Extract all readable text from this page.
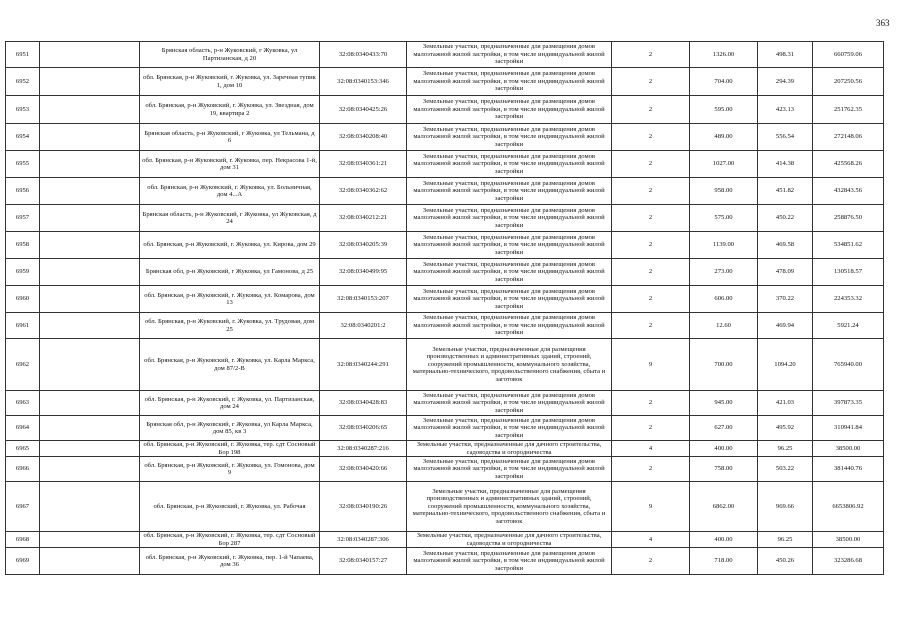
363
6951		Брянская область, р-н Жуковский, г Жуковка, ул Партизанская, д 20	32:08:0340433:70	Земельные участки, предназначенные для размещения домов малоэтажной жилой застройки, в том числе индивидуальной жилой застройки	2	1326.00	498.31	660759.06
6952		обл. Брянская, р-н Жуковский, г. Жуковка, ул. Заречная тупик 1, дом 10	32:08:0340153:346	Земельные участки, предназначенные для размещения домов малоэтажной жилой застройки, в том числе индивидуальной жилой застройки	2	704.00	294.39	207250.56
6953		обл. Брянская, р-н Жуковский, г. Жуковка, ул. Звездная, дом 19, квартира 2	32:08:0340425:26	Земельные участки, предназначенные для размещения домов малоэтажной жилой застройки, в том числе индивидуальной жилой застройки	2	595.00	423.13	251762.35
6954		Брянская область, р-н Жуковский, г Жуковка, ул Тельмана, д 6	32:08:0340208:40	Земельные участки, предназначенные для размещения домов малоэтажной жилой застройки, в том числе индивидуальной жилой застройки	2	489.00	556.54	272148.06
6955		обл. Брянская, р-н Жуковский, г. Жуковка, пер. Некрасова 1-й, дом 31	32:08:0340361:21	Земельные участки, предназначенные для размещения домов малоэтажной жилой застройки, в том числе индивидуальной жилой застройки	2	1027.00	414.38	425568.26
6956		обл. Брянская, р-н Жуковский, г. Жуковка, ул. Больничная, дом 4...А	32:08:0340362:62	Земельные участки, предназначенные для размещения домов малоэтажной жилой застройки, в том числе индивидуальной жилой застройки	2	958.00	451.82	432843.56
6957		Брянская область, р-н Жуковский, г Жуковка, ул Жуковская, д 24	32:08:0340212:21	Земельные участки, предназначенные для размещения домов малоэтажной жилой застройки, в том числе индивидуальной жилой застройки	2	575.00	450.22	258876.50
6958		обл. Брянская, р-н Жуковский, г. Жуковка, ул. Кирова, дом 29	32:08:0340205:39	Земельные участки, предназначенные для размещения домов малоэтажной жилой застройки, в том числе индивидуальной жилой застройки	2	1139.00	469.58	534851.62
6959		Брянская обл, р-н Жуковский, г Жуковка, ул Гамонова, д 25	32:08:0340499:95	Земельные участки, предназначенные для размещения домов малоэтажной жилой застройки, в том числе индивидуальной жилой застройки	2	273.00	478.09	130518.57
6960		обл. Брянская, р-н Жуковский, г. Жуковка, ул. Комарова, дом 13	32:08:0340153:207	Земельные участки, предназначенные для размещения домов малоэтажной жилой застройки, в том числе индивидуальной жилой застройки	2	606.00	370.22	224353.32
6961		обл. Брянская, р-н Жуковский, г. Жуковка, ул. Трудовая, дом 25	32:08:0340201:2	Земельные участки, предназначенные для размещения домов малоэтажной жилой застройки, в том числе индивидуальной жилой застройки	2	12.60	469.94	5921.24
6962		обл. Брянская, р-н Жуковский, г. Жуковка, ул. Карла Маркса, дом 87/2-В	32:08:0340244:291	Земельные участки, предназначенные для размещения производственных и административных зданий, строений, сооружений промышленности, коммунального хозяйства, материально-технического, продовольственного снабжения, сбыта и заготовок	9	700.00	1094.20	765940.00
6963		обл. Брянская, р-н Жуковский, г. Жуковка, ул. Партизанская, дом 24	32:08:0340428:83	Земельные участки, предназначенные для размещения домов малоэтажной жилой застройки, в том числе индивидуальной жилой застройки	2	945.00	421.03	397873.35
6964		Брянская обл, р-н Жуковский, г Жуковка, ул Карла Маркса, дом 85, кв 3	32:08:0340206:65	Земельные участки, предназначенные для размещения домов малоэтажной жилой застройки, в том числе индивидуальной жилой застройки	2	627.00	495.92	310941.84
6965		обл. Брянская, р-н Жуковский, г. Жуковка, тер. сдт Сосновый Бор 198	32:08:0340287:216	Земельные участки, предназначенные для дачного строительства, садоводства и огородничества	4	400.00	96.25	38500.00
6966		обл. Брянская, р-н Жуковский, г. Жуковка, ул. Гомонова, дом 9	32:08:0340420:66	Земельные участки, предназначенные для размещения домов малоэтажной жилой застройки, в том числе индивидуальной жилой застройки	2	758.00	503.22	381440.76
6967		обл. Брянская, р-н Жуковский, г. Жуковка, ул. Рабочая	32:08:0340190:26	Земельные участки, предназначенные для размещения производственных и административных зданий, строений, сооружений промышленности, коммунального хозяйства, материально-технического, продовольственного снабжения, сбыта и заготовок	9	6862.00	969.66	6653806.92
6968		обл. Брянская, р-н Жуковский, г. Жуковка, тер. сдт Сосновый Бор 287	32:08:0340287:306	Земельные участки, предназначенные для дачного строительства, садоводства и огородничества	4	400.00	96.25	38500.00
6969		обл. Брянская, р-н Жуковский, г. Жуковка, пер. 1-й Чапаева, дом 36	32:08:0340157:27	Земельные участки, предназначенные для размещения домов малоэтажной жилой застройки, в том числе индивидуальной жилой застройки	2	718.00	450.26	323286.68
